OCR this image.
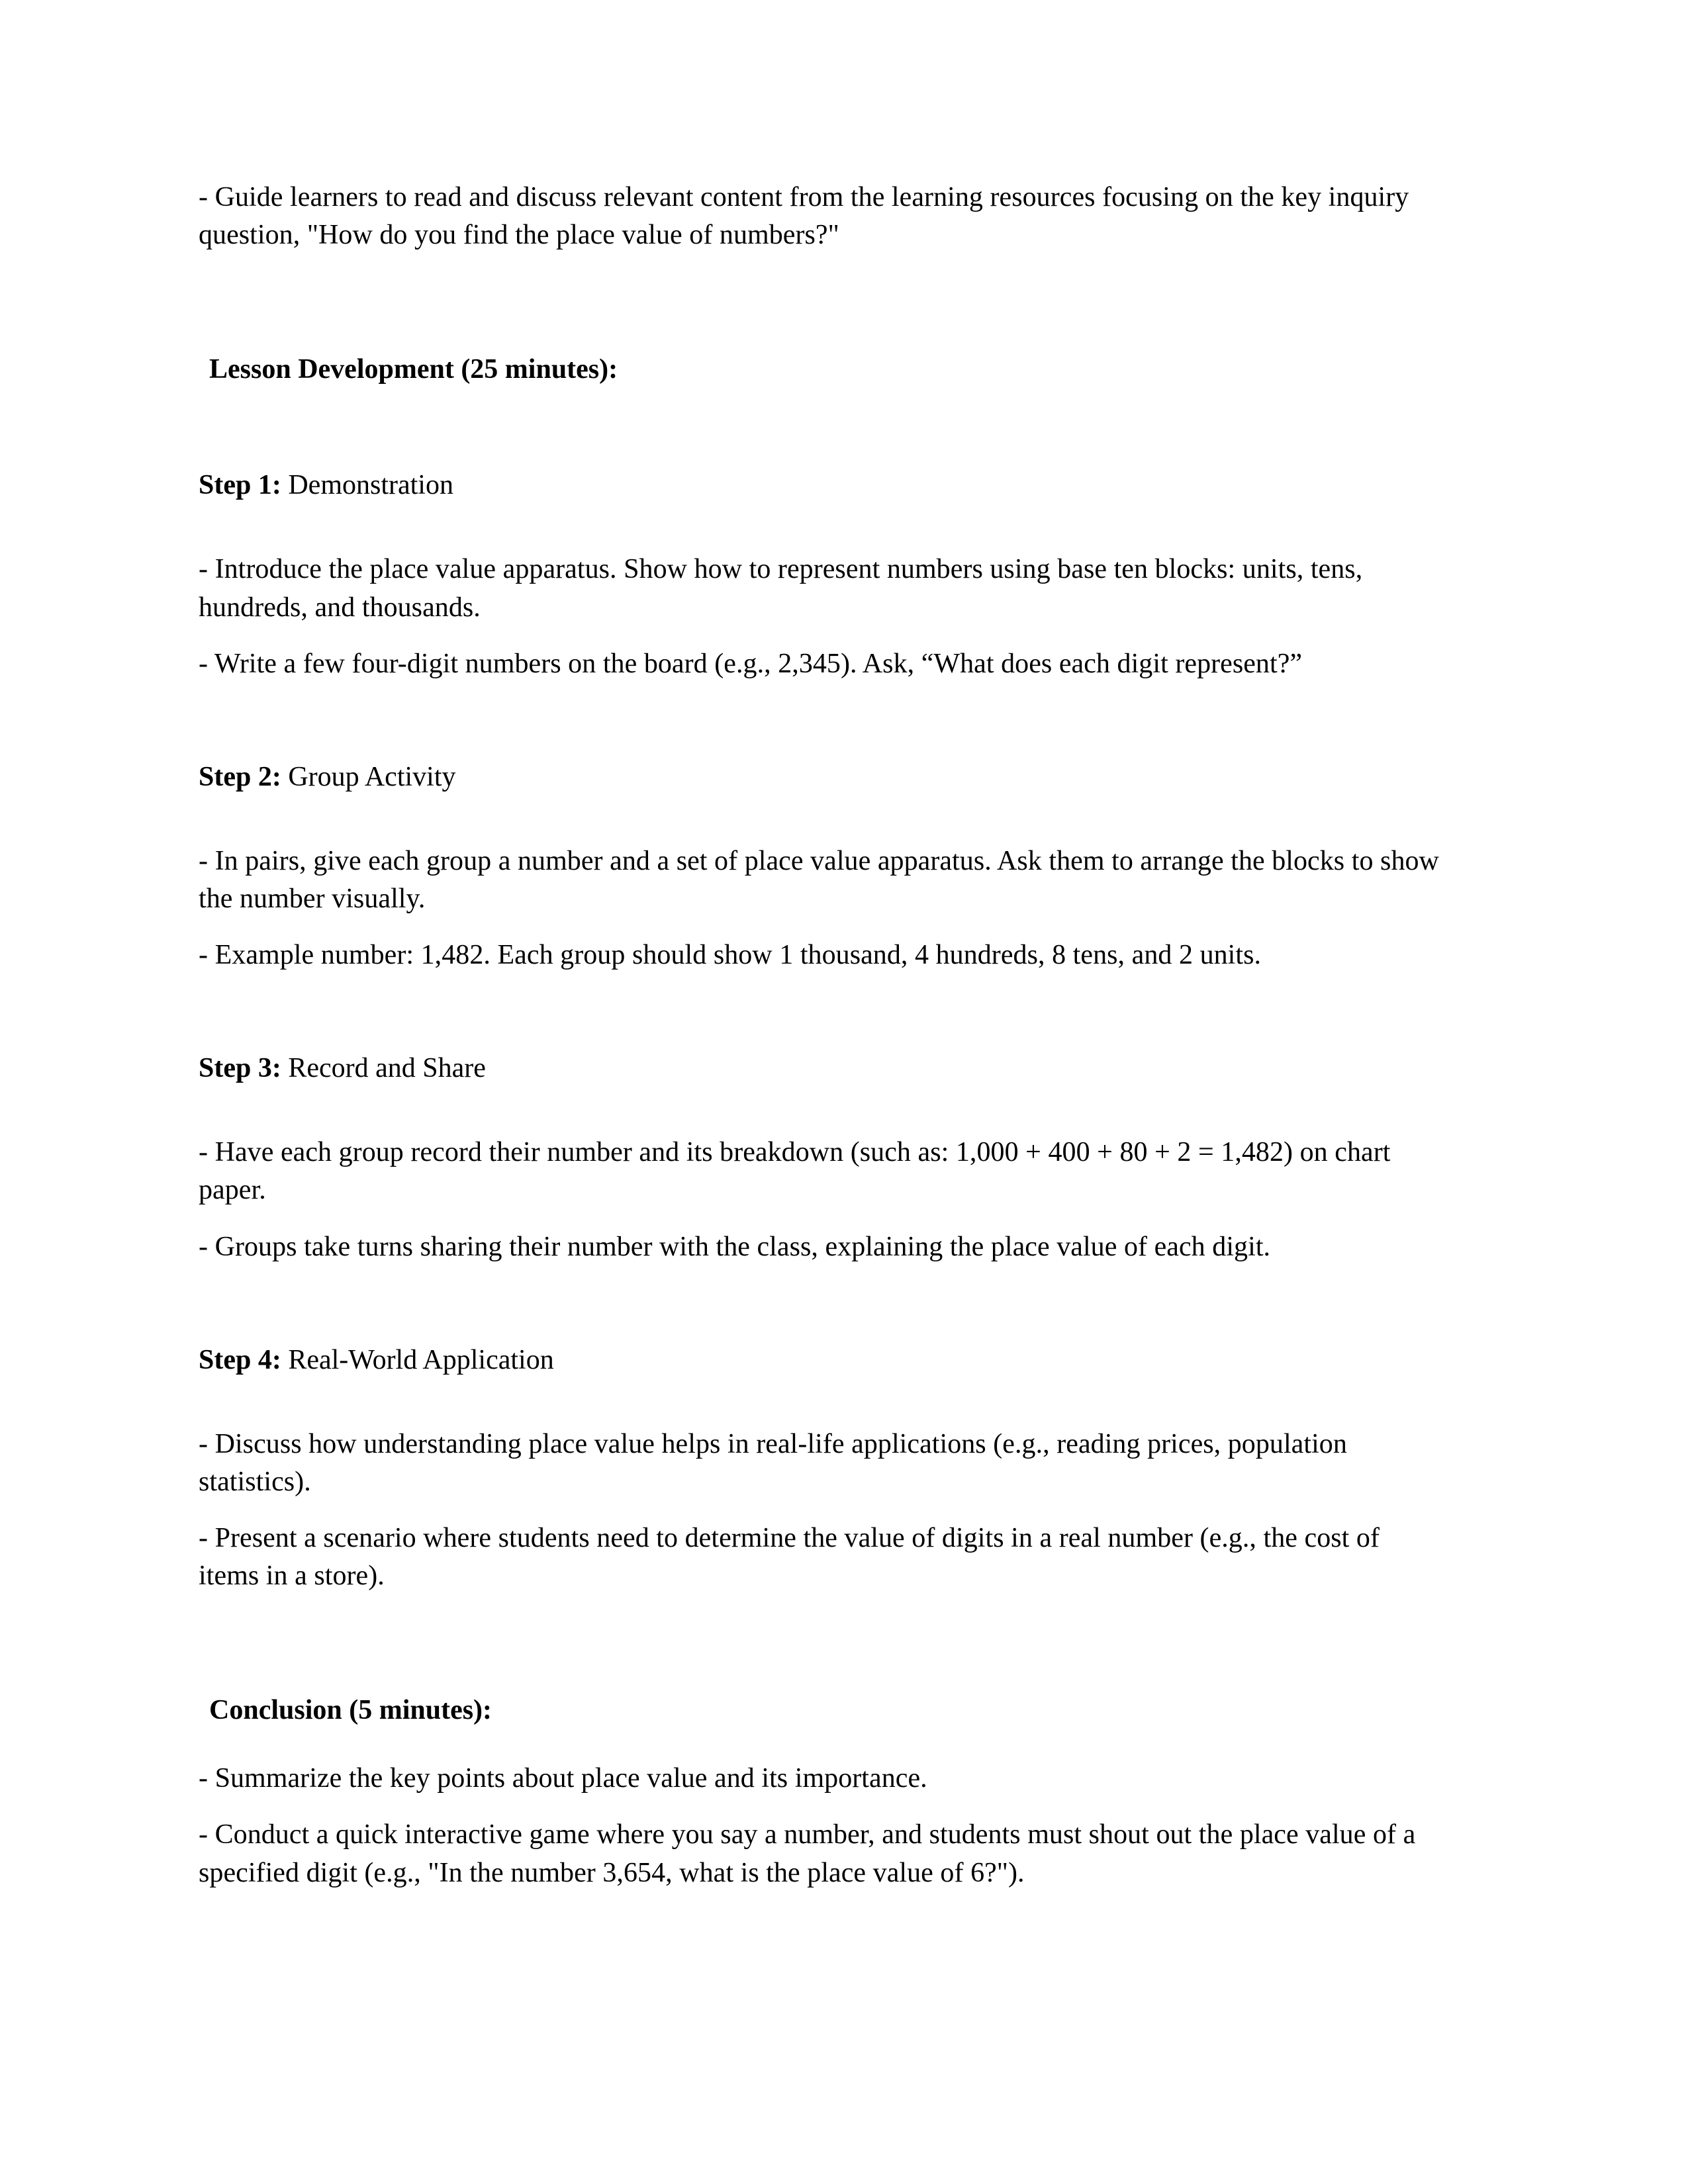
- Guide learners to read and discuss relevant content from the learning resources focusing on the key inquiry question, "How do you find the place value of numbers?"

Lesson Development (25 minutes):

Step 1: Demonstration

- Introduce the place value apparatus. Show how to represent numbers using base ten blocks: units, tens, hundreds, and thousands.

- Write a few four-digit numbers on the board (e.g., 2,345). Ask, “What does each digit represent?”

Step 2: Group Activity

- In pairs, give each group a number and a set of place value apparatus. Ask them to arrange the blocks to show the number visually.

- Example number: 1,482. Each group should show 1 thousand, 4 hundreds, 8 tens, and 2 units.

Step 3: Record and Share

- Have each group record their number and its breakdown (such as: 1,000 + 400 + 80 + 2 = 1,482) on chart paper.

- Groups take turns sharing their number with the class, explaining the place value of each digit.

Step 4: Real-World Application

- Discuss how understanding place value helps in real-life applications (e.g., reading prices, population statistics).

- Present a scenario where students need to determine the value of digits in a real number (e.g., the cost of items in a store).

Conclusion (5 minutes):

- Summarize the key points about place value and its importance.

- Conduct a quick interactive game where you say a number, and students must shout out the place value of a specified digit (e.g., "In the number 3,654, what is the place value of 6?").
